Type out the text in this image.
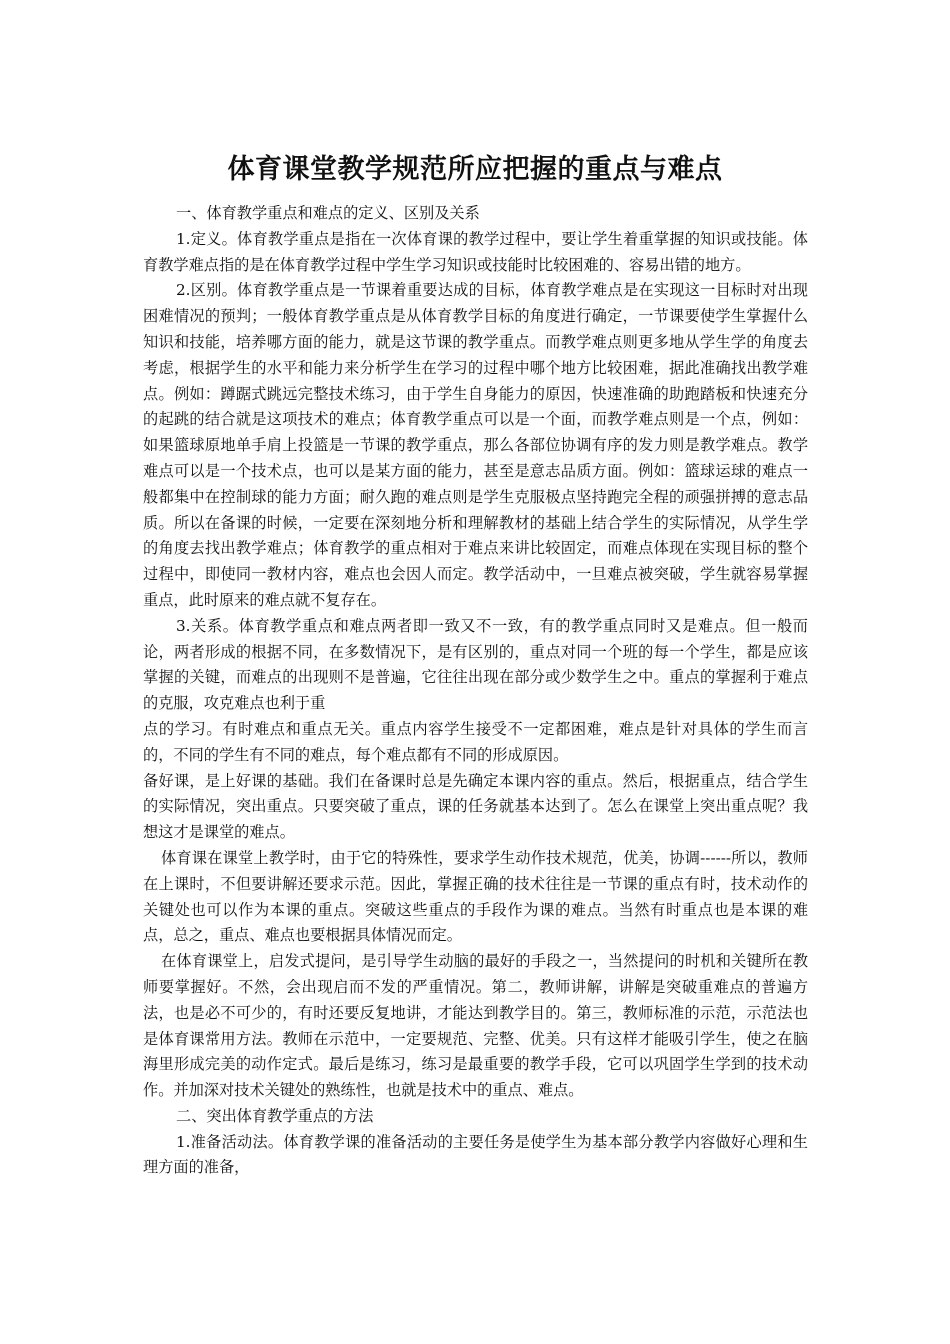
体育课堂教学规范所应把握的重点与难点

一、体育教学重点和难点的定义、区别及关系

1.定义。体育教学重点是指在一次体育课的教学过程中，要让学生着重掌握的知识或技能。体育教学难点指的是在体育教学过程中学生学习知识或技能时比较困难的、容易出错的地方。

2.区别。体育教学重点是一节课着重要达成的目标，体育教学难点是在实现这一目标时对出现困难情况的预判；一般体育教学重点是从体育教学目标的角度进行确定，一节课要使学生掌握什么知识和技能，培养哪方面的能力，就是这节课的教学重点。而教学难点则更多地从学生学的角度去考虑，根据学生的水平和能力来分析学生在学习的过程中哪个地方比较困难，据此准确找出教学难点。例如：蹲踞式跳远完整技术练习，由于学生自身能力的原因，快速准确的助跑踏板和快速充分的起跳的结合就是这项技术的难点；体育教学重点可以是一个面，而教学难点则是一个点，例如：如果篮球原地单手肩上投篮是一节课的教学重点，那么各部位协调有序的发力则是教学难点。教学难点可以是一个技术点，也可以是某方面的能力，甚至是意志品质方面。例如：篮球运球的难点一般都集中在控制球的能力方面；耐久跑的难点则是学生克服极点坚持跑完全程的顽强拼搏的意志品质。所以在备课的时候，一定要在深刻地分析和理解教材的基础上结合学生的实际情况，从学生学的角度去找出教学难点；体育教学的重点相对于难点来讲比较固定，而难点体现在实现目标的整个过程中，即使同一教材内容，难点也会因人而定。教学活动中，一旦难点被突破，学生就容易掌握重点，此时原来的难点就不复存在。

3.关系。体育教学重点和难点两者即一致又不一致，有的教学重点同时又是难点。但一般而论，两者形成的根据不同，在多数情况下，是有区别的，重点对同一个班的每一个学生，都是应该掌握的关键，而难点的出现则不是普遍，它往往出现在部分或少数学生之中。重点的掌握利于难点的克服，攻克难点也利于重

点的学习。有时难点和重点无关。重点内容学生接受不一定都困难，难点是针对具体的学生而言的，不同的学生有不同的难点，每个难点都有不同的形成原因。

备好课，是上好课的基础。我们在备课时总是先确定本课内容的重点。然后，根据重点，结合学生的实际情况，突出重点。只要突破了重点，课的任务就基本达到了。怎么在课堂上突出重点呢？我想这才是课堂的难点。

体育课在课堂上教学时，由于它的特殊性，要求学生动作技术规范，优美，协调------所以，教师在上课时，不但要讲解还要求示范。因此，掌握正确的技术往往是一节课的重点有时，技术动作的关键处也可以作为本课的重点。突破这些重点的手段作为课的难点。当然有时重点也是本课的难点，总之，重点、难点也要根据具体情况而定。

在体育课堂上，启发式提问，是引导学生动脑的最好的手段之一，当然提问的时机和关键所在教师要掌握好。不然，会出现启而不发的严重情况。第二，教师讲解，讲解是突破重难点的普遍方法，也是必不可少的，有时还要反复地讲，才能达到教学目的。第三，教师标准的示范，示范法也是体育课常用方法。教师在示范中，一定要规范、完整、优美。只有这样才能吸引学生，使之在脑海里形成完美的动作定式。最后是练习，练习是最重要的教学手段，它可以巩固学生学到的技术动作。并加深对技术关键处的熟练性，也就是技术中的重点、难点。

二、突出体育教学重点的方法

1.准备活动法。体育教学课的准备活动的主要任务是使学生为基本部分教学内容做好心理和生理方面的准备，
